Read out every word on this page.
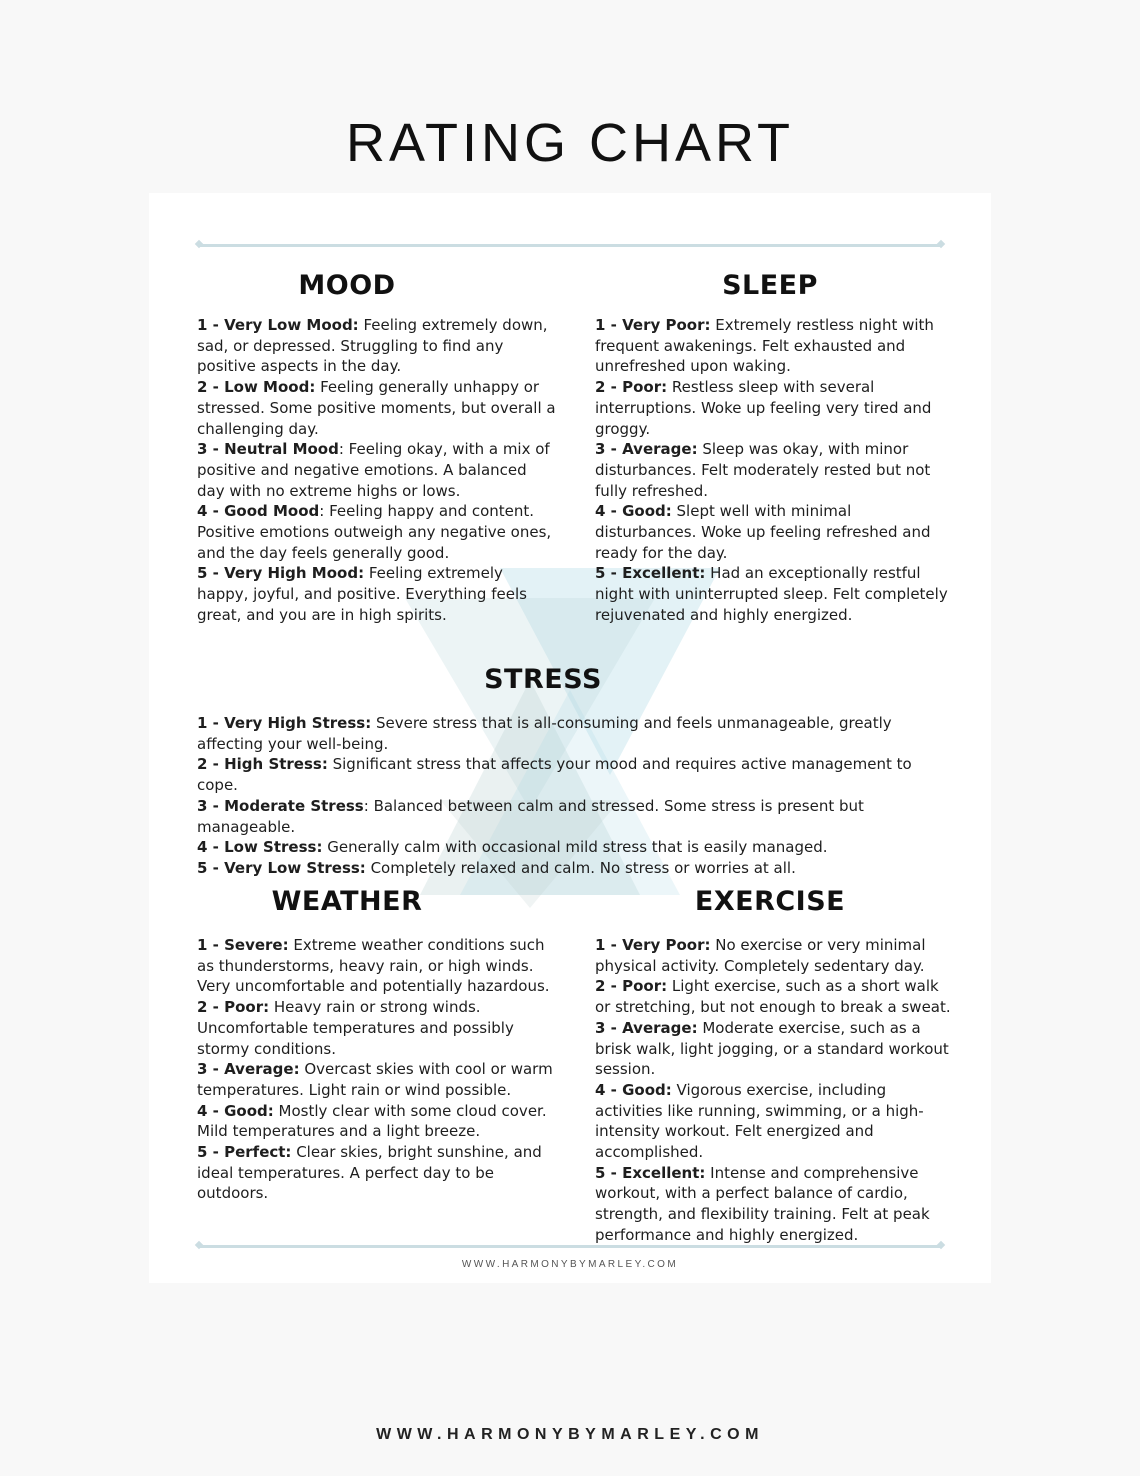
RATING CHART
MOOD

1 - Very Low Mood: Feeling extremely down, sad, or depressed. Struggling to find any positive aspects in the day.

2 - Low Mood: Feeling generally unhappy or stressed. Some positive moments, but overall a challenging day.

3 - Neutral Mood: Feeling okay, with a mix of positive and negative emotions. A balanced day with no extreme highs or lows.

4 - Good Mood: Feeling happy and content. Positive emotions outweigh any negative ones, and the day feels generally good.

5 - Very High Mood: Feeling extremely happy, joyful, and positive. Everything feels great, and you are in high spirits.

SLEEP

1 - Very Poor: Extremely restless night with frequent awakenings. Felt exhausted and unrefreshed upon waking.

2 - Poor: Restless sleep with several interruptions. Woke up feeling very tired and groggy.

3 - Average: Sleep was okay, with minor disturbances. Felt moderately rested but not fully refreshed.

4 - Good: Slept well with minimal disturbances. Woke up feeling refreshed and ready for the day.

5 - Excellent: Had an exceptionally restful night with uninterrupted sleep. Felt completely rejuvenated and highly energized.

STRESS

1 - Very High Stress: Severe stress that is all-consuming and feels unmanageable, greatly affecting your well-being.

2 - High Stress: Significant stress that affects your mood and requires active management to cope.

3 - Moderate Stress: Balanced between calm and stressed. Some stress is present but manageable.

4 - Low Stress: Generally calm with occasional mild stress that is easily managed.

5 - Very Low Stress: Completely relaxed and calm. No stress or worries at all.

WEATHER

1 - Severe: Extreme weather conditions such as thunderstorms, heavy rain, or high winds. Very uncomfortable and potentially hazardous.

2 - Poor: Heavy rain or strong winds. Uncomfortable temperatures and possibly stormy conditions.

3 - Average: Overcast skies with cool or warm temperatures. Light rain or wind possible.

4 - Good: Mostly clear with some cloud cover. Mild temperatures and a light breeze.

5 - Perfect: Clear skies, bright sunshine, and ideal temperatures. A perfect day to be outdoors.

EXERCISE

1 - Very Poor: No exercise or very minimal physical activity. Completely sedentary day.

2 - Poor: Light exercise, such as a short walk or stretching, but not enough to break a sweat.

3 - Average: Moderate exercise, such as a brisk walk, light jogging, or a standard workout session.

4 - Good: Vigorous exercise, including activities like running, swimming, or a high-intensity workout. Felt energized and accomplished.

5 - Excellent: Intense and comprehensive workout, with a perfect balance of cardio, strength, and flexibility training. Felt at peak performance and highly energized.

WWW.HARMONYBYMARLEY.COM
WWW.HARMONYBYMARLEY.COM
